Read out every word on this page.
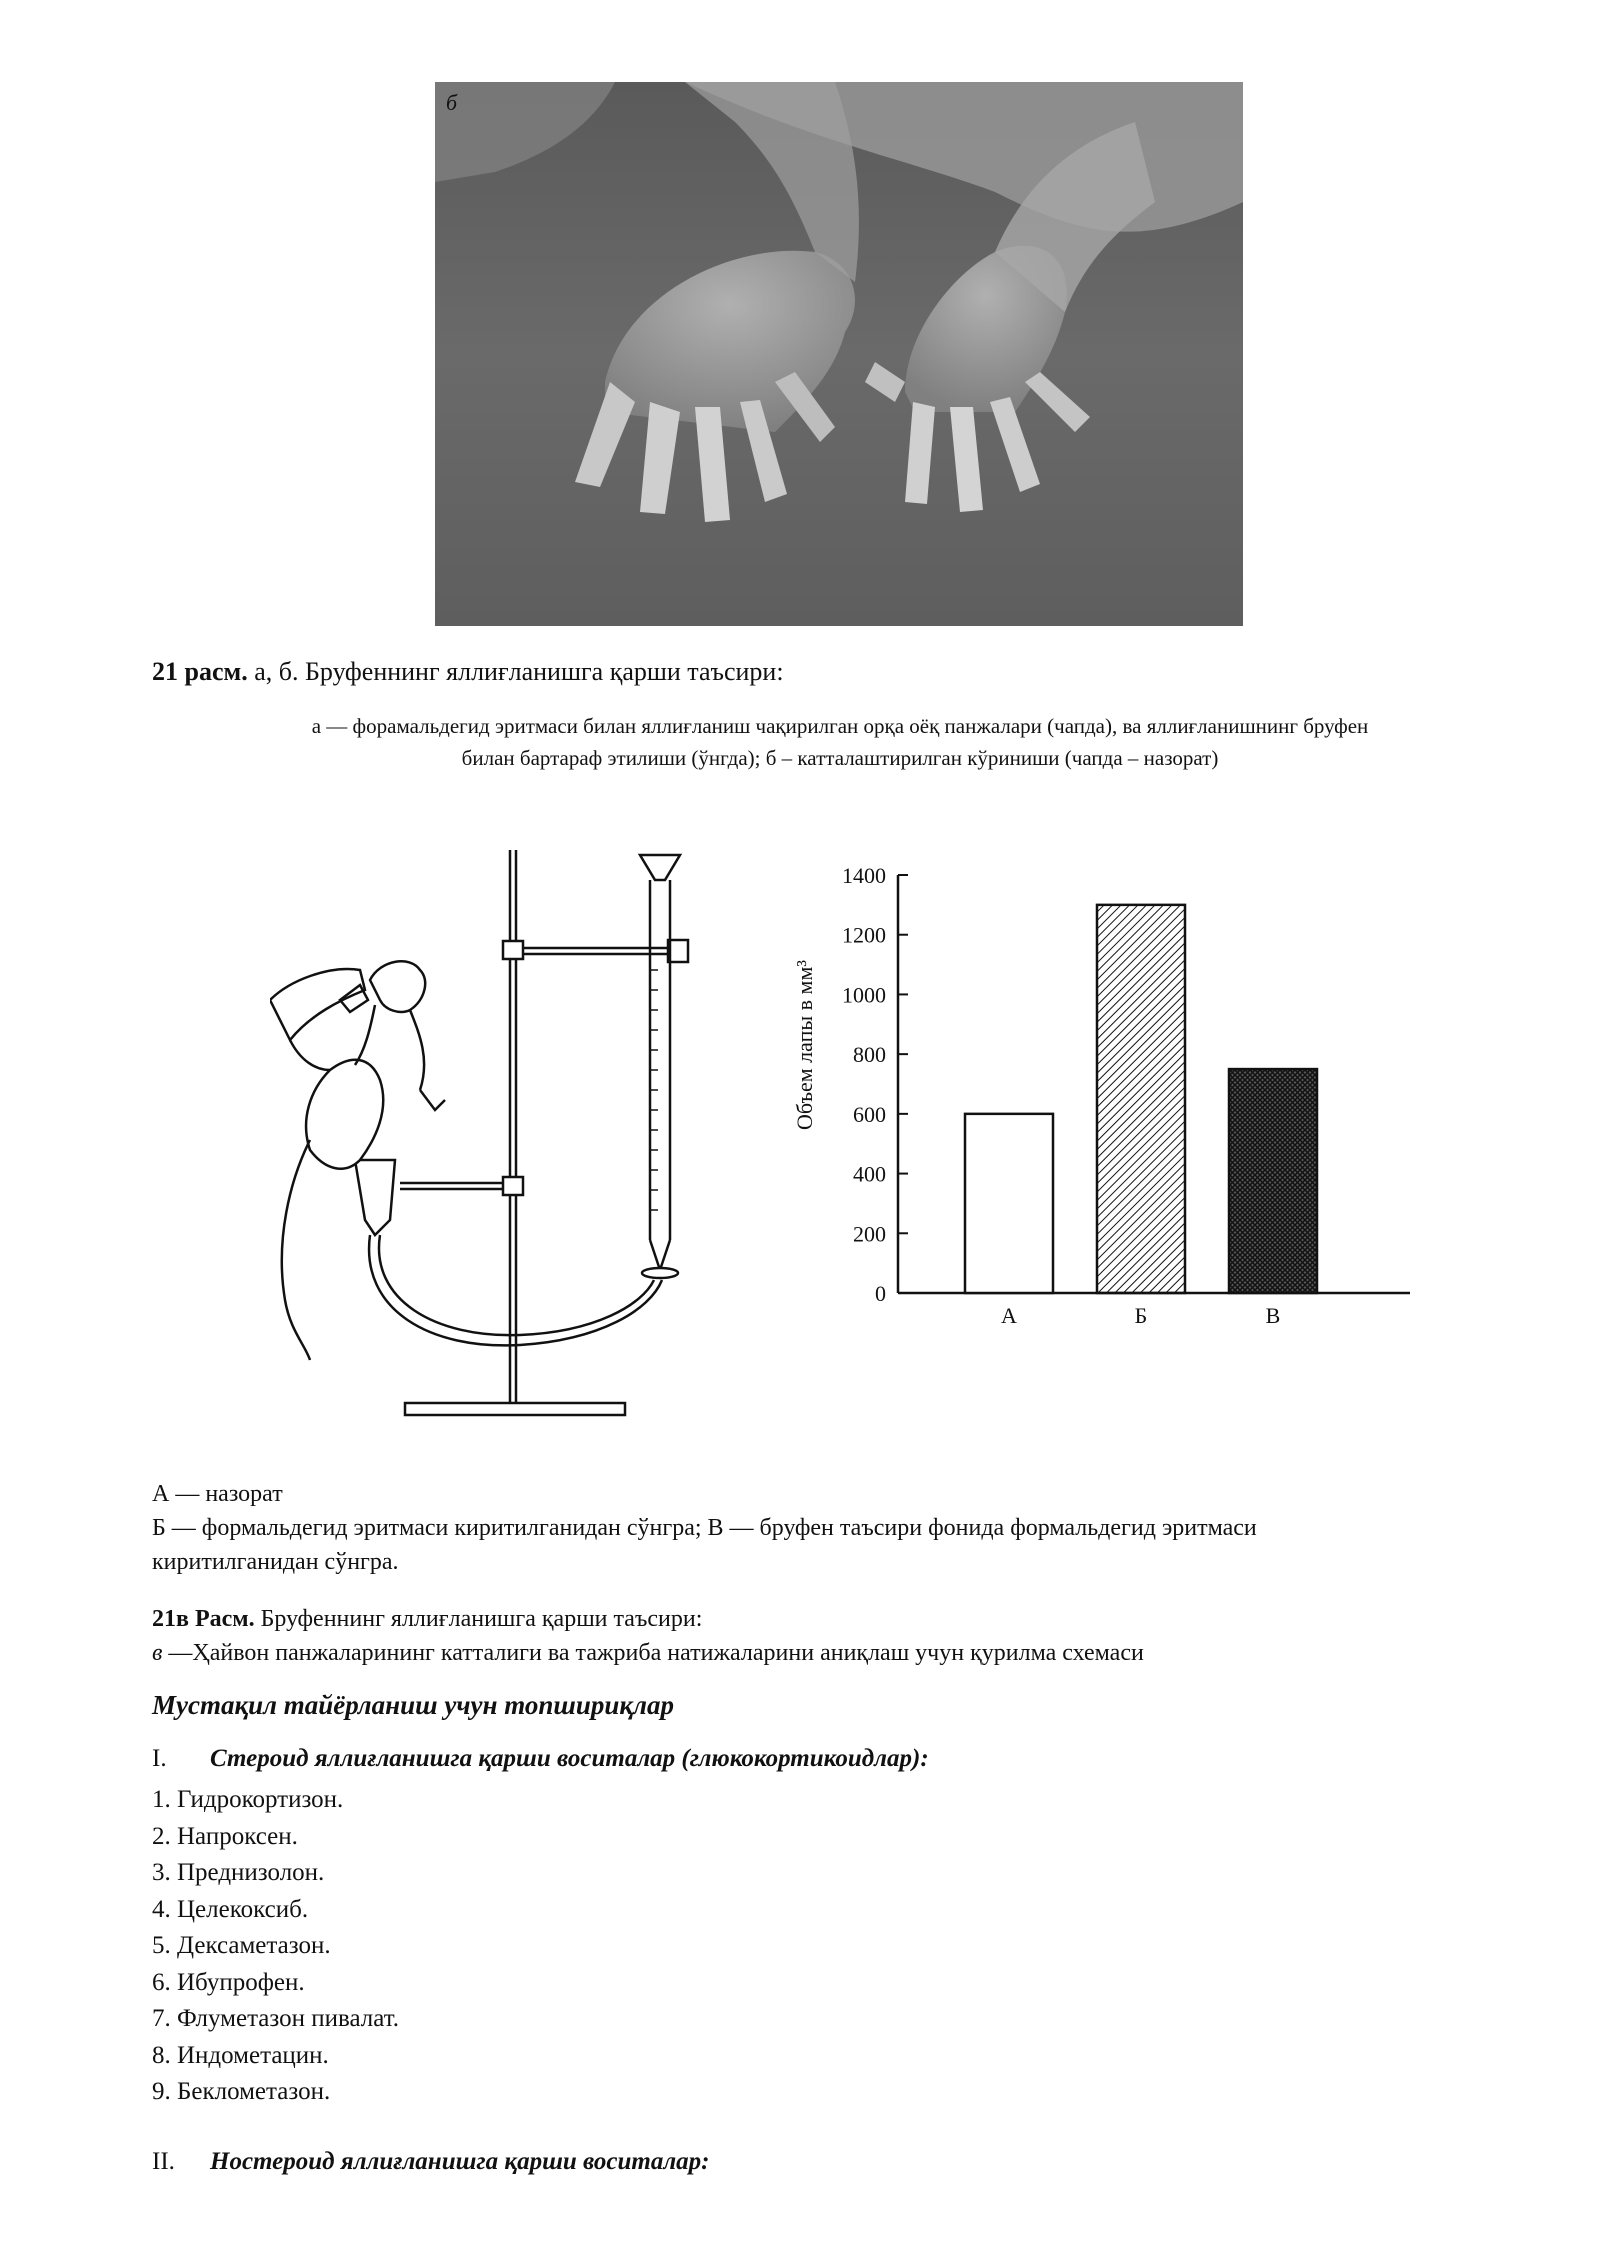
б
21 расм. а, б. Бруфеннинг яллиғланишга қарши таъсири:
а — форамальдегид эритмаси билан яллиғланиш чақирилган орқа оёқ панжалари (чапда), ва яллиғланишнинг бруфен
билан бартараф этилиши (ўнгда); б – катталаштирилган кўриниши (чапда – назорат)
0
200
400
600
800
1000
1200
1400
А	Б	В
Объем лапы в мм³
А — назорат
Б — формальдегид эритмаси киритилганидан сўнгра; В — бруфен таъсири фонида формальдегид эритмаси
киритилганидан сўнгра.
21в Расм. Бруфеннинг яллиғланишга қарши таъсири:
в —Ҳайвон панжаларининг катталиги ва тажриба натижаларини аниқлаш учун қурилма схемаси
Мустақил тайёрланиш учун топшириқлар
I. Стероид яллиғланишга қарши воситалар (глюкокортикоидлар):
1. Гидрокортизон.
2. Напроксен.
3. Преднизолон.
4. Целекоксиб.
5. Дексаметазон.
6. Ибупрофен.
7. Флуметазон пивалат.
8. Индометацин.
9. Беклометазон.
II. Ностероид яллиғланишга қарши воситалар:
